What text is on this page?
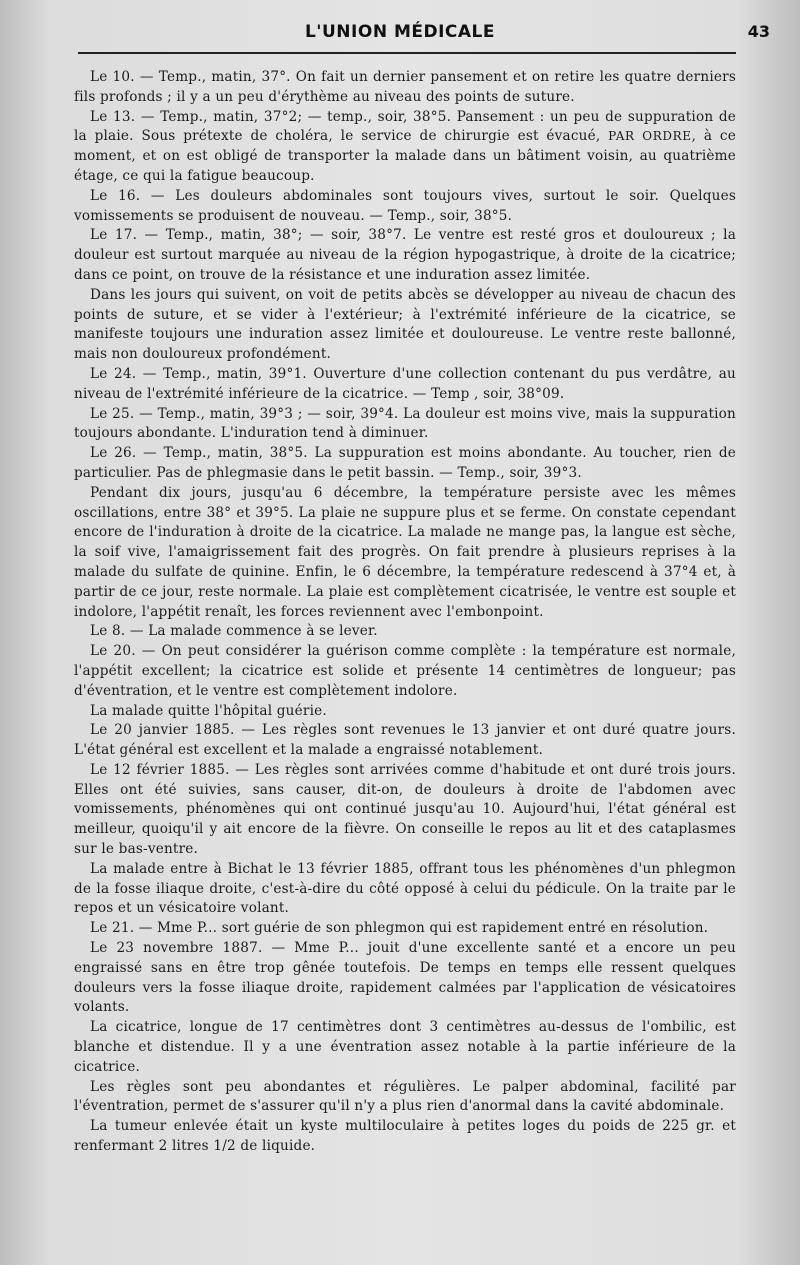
L'UNION MÉDICALE	43

Le 10. — Temp., matin, 37°. On fait un dernier pansement et on retire les quatre derniers fils profonds ; il y a un peu d'érythème au niveau des points de suture.

Le 13. — Temp., matin, 37°2; — temp., soir, 38°5. Pansement : un peu de suppuration de la plaie. Sous prétexte de choléra, le service de chirurgie est évacué, PAR ORDRE, à ce moment, et on est obligé de transporter la malade dans un bâtiment voisin, au quatrième étage, ce qui la fatigue beaucoup.

Le 16. — Les douleurs abdominales sont toujours vives, surtout le soir. Quelques vomissements se produisent de nouveau. — Temp., soir, 38°5.

Le 17. — Temp., matin, 38°; — soir, 38°7. Le ventre est resté gros et douloureux ; la douleur est surtout marquée au niveau de la région hypogastrique, à droite de la cicatrice; dans ce point, on trouve de la résistance et une induration assez limitée.

Dans les jours qui suivent, on voit de petits abcès se développer au niveau de chacun des points de suture, et se vider à l'extérieur; à l'extrémité inférieure de la cicatrice, se manifeste toujours une induration assez limitée et douloureuse. Le ventre reste ballonné, mais non douloureux profondément.

Le 24. — Temp., matin, 39°1. Ouverture d'une collection contenant du pus verdâtre, au niveau de l'extrémité inférieure de la cicatrice. — Temp , soir, 38°09.

Le 25. — Temp., matin, 39°3 ; — soir, 39°4. La douleur est moins vive, mais la suppuration toujours abondante. L'induration tend à diminuer.

Le 26. — Temp., matin, 38°5. La suppuration est moins abondante. Au toucher, rien de particulier. Pas de phlegmasie dans le petit bassin. — Temp., soir, 39°3.

Pendant dix jours, jusqu'au 6 décembre, la température persiste avec les mêmes oscillations, entre 38° et 39°5. La plaie ne suppure plus et se ferme. On constate cependant encore de l'induration à droite de la cicatrice. La malade ne mange pas, la langue est sèche, la soif vive, l'amaigrissement fait des progrès. On fait prendre à plusieurs reprises à la malade du sulfate de quinine. Enfin, le 6 décembre, la température redescend à 37°4 et, à partir de ce jour, reste normale. La plaie est complètement cicatrisée, le ventre est souple et indolore, l'appétit renaît, les forces reviennent avec l'embonpoint.

Le 8. — La malade commence à se lever.

Le 20. — On peut considérer la guérison comme complète : la température est normale, l'appétit excellent; la cicatrice est solide et présente 14 centimètres de longueur; pas d'éventration, et le ventre est complètement indolore.

La malade quitte l'hôpital guérie.

Le 20 janvier 1885. — Les règles sont revenues le 13 janvier et ont duré quatre jours. L'état général est excellent et la malade a engraissé notablement.

Le 12 février 1885. — Les règles sont arrivées comme d'habitude et ont duré trois jours. Elles ont été suivies, sans causer, dit-on, de douleurs à droite de l'abdomen avec vomissements, phénomènes qui ont continué jusqu'au 10. Aujourd'hui, l'état général est meilleur, quoiqu'il y ait encore de la fièvre. On conseille le repos au lit et des cataplasmes sur le bas-ventre.

La malade entre à Bichat le 13 février 1885, offrant tous les phénomènes d'un phlegmon de la fosse iliaque droite, c'est-à-dire du côté opposé à celui du pédicule. On la traite par le repos et un vésicatoire volant.

Le 21. — Mme P... sort guérie de son phlegmon qui est rapidement entré en résolution.

Le 23 novembre 1887. — Mme P... jouit d'une excellente santé et a encore un peu engraissé sans en être trop gênée toutefois. De temps en temps elle ressent quelques douleurs vers la fosse iliaque droite, rapidement calmées par l'application de vésicatoires volants.

La cicatrice, longue de 17 centimètres dont 3 centimètres au-dessus de l'ombilic, est blanche et distendue. Il y a une éventration assez notable à la partie inférieure de la cicatrice.

Les règles sont peu abondantes et régulières. Le palper abdominal, facilité par l'éventration, permet de s'assurer qu'il n'y a plus rien d'anormal dans la cavité abdominale.

La tumeur enlevée était un kyste multiloculaire à petites loges du poids de 225 gr. et renfermant 2 litres 1/2 de liquide.
